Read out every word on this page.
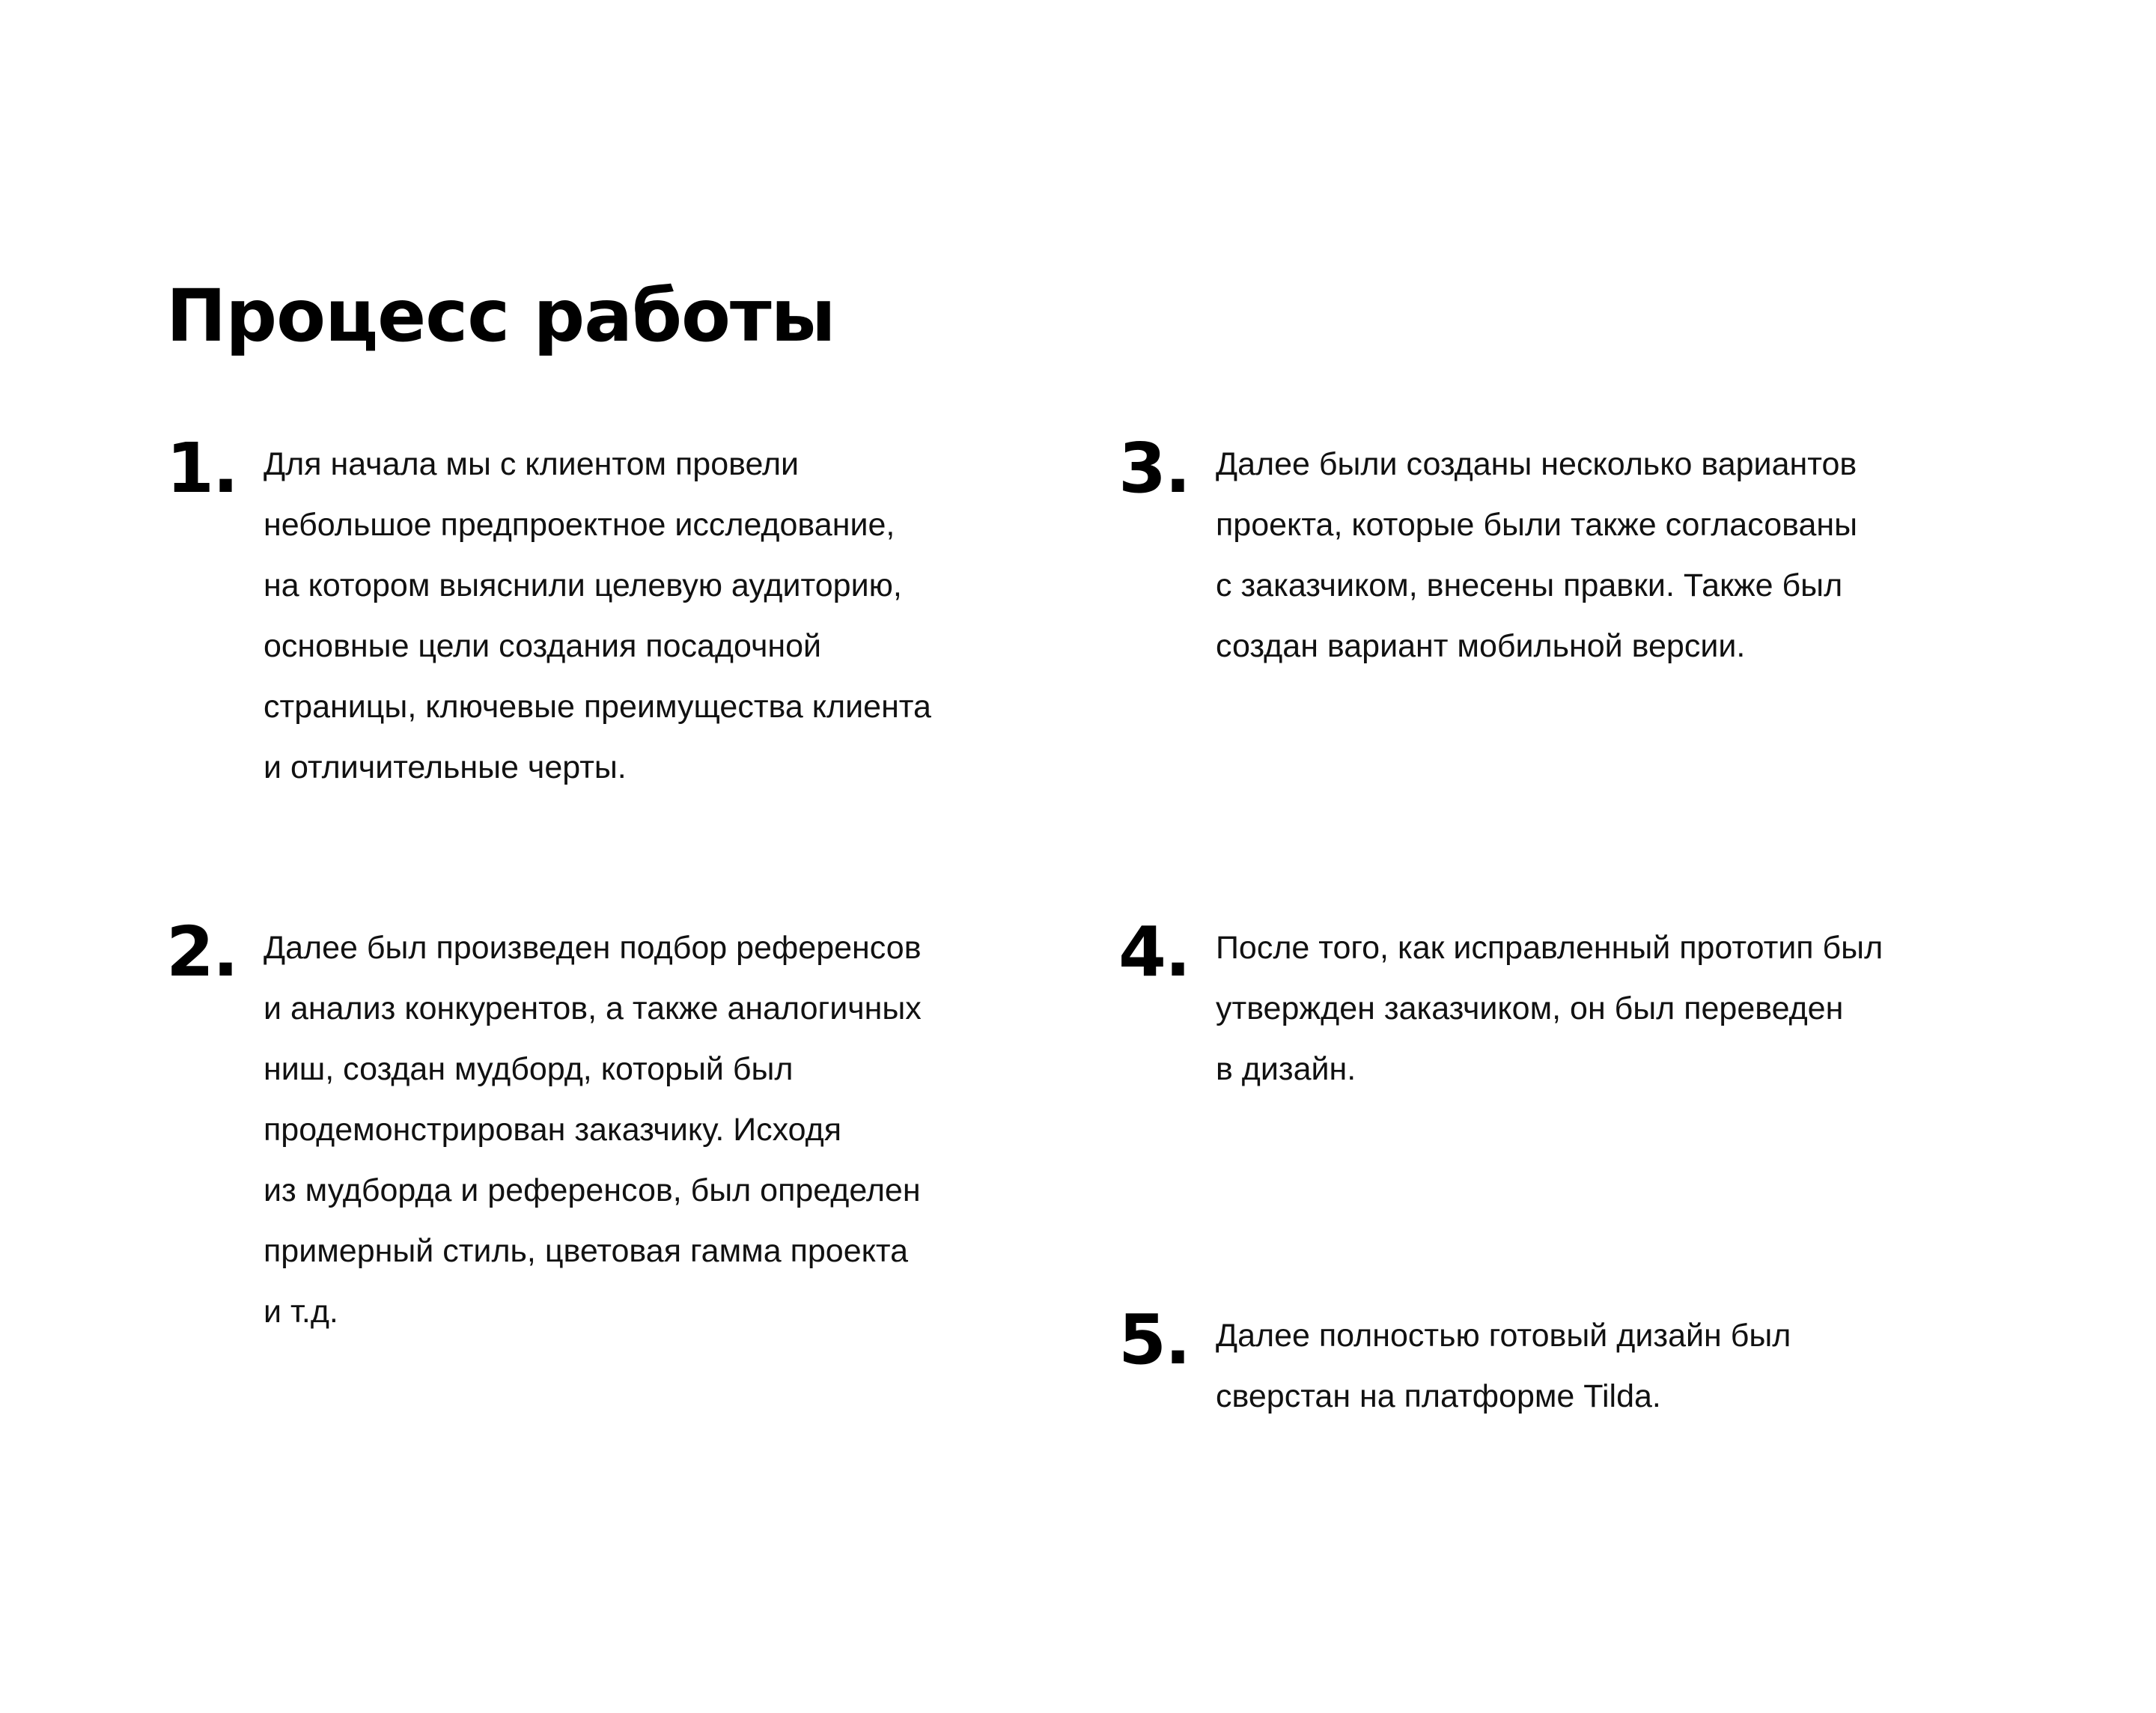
Процесс работы
1. Для начала мы с клиентом провели
небольшое предпроектное исследование,
на котором выяснили целевую аудиторию,
основные цели создания посадочной
страницы, ключевые преимущества клиента
и отличительные черты.

2. Далее был произведен подбор референсов
и анализ конкурентов, а также аналогичных
ниш, создан мудборд, который был
продемонстрирован заказчику. Исходя
из мудборда и референсов, был определен
примерный стиль, цветовая гамма проекта
и т.д.

3. Далее были созданы несколько вариантов
проекта, которые были также согласованы
с заказчиком, внесены правки. Также был
создан вариант мобильной версии.

4. После того, как исправленный прототип был
утвержден заказчиком, он был переведен
в дизайн.

5. Далее полностью готовый дизайн был
сверстан на платформе Tilda.
